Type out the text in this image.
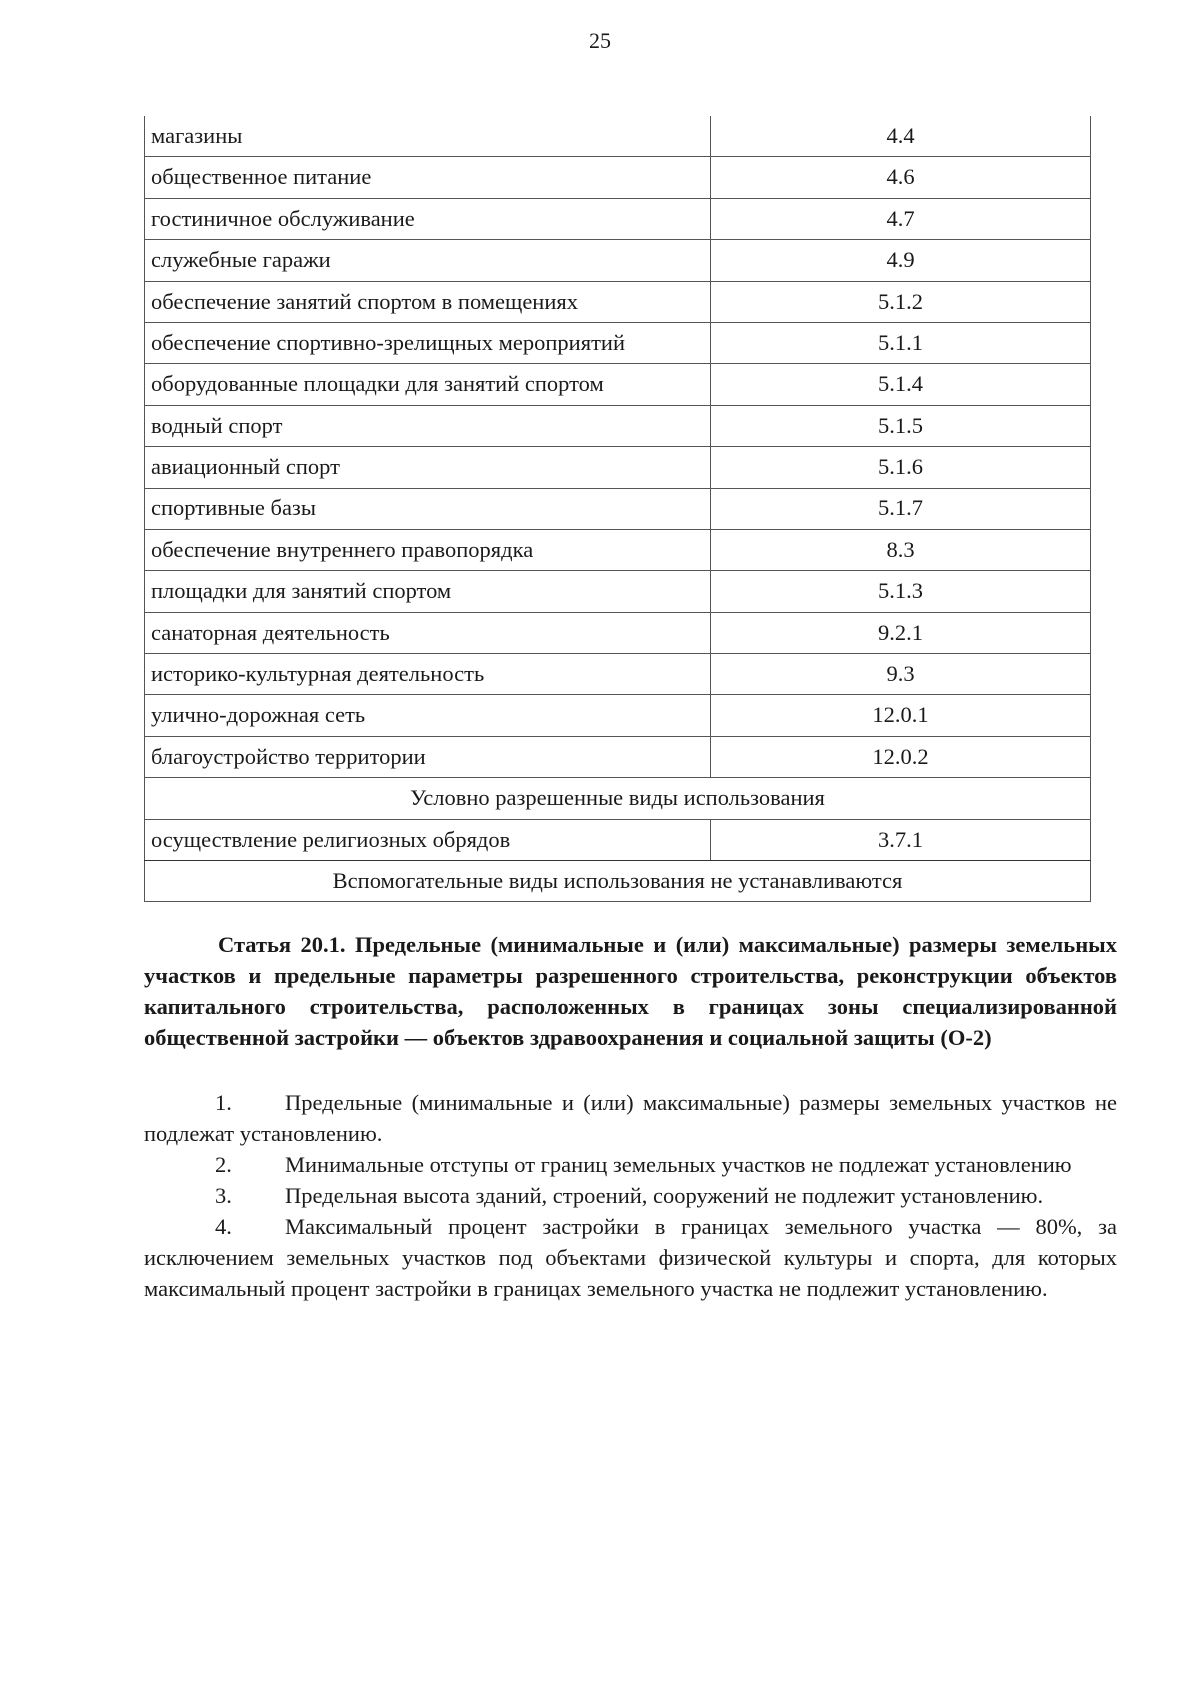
25
магазины	4.4
общественное питание	4.6
гостиничное обслуживание	4.7
служебные гаражи	4.9
обеспечение занятий спортом в помещениях	5.1.2
обеспечение спортивно-зрелищных мероприятий	5.1.1
оборудованные площадки для занятий спортом	5.1.4
водный спорт	5.1.5
авиационный спорт	5.1.6
спортивные базы	5.1.7
обеспечение внутреннего правопорядка	8.3
площадки для занятий спортом	5.1.3
санаторная деятельность	9.2.1
историко-культурная деятельность	9.3
улично-дорожная сеть	12.0.1
благоустройство территории	12.0.2
Условно разрешенные виды использования	
осуществление религиозных обрядов	3.7.1
Вспомогательные виды использования не устанавливаются	

Статья 20.1. Предельные (минимальные и (или) максимальные) размеры земельных участков и предельные параметры разрешенного строительства, реконструкции объектов капитального строительства, расположенных в границах зоны специализированной общественной застройки — объектов здравоохранения и социальной защиты (О-2)

1. Предельные (минимальные и (или) максимальные) размеры земельных участков не подлежат установлению.

2. Минимальные отступы от границ земельных участков не подлежат установлению

3. Предельная высота зданий, строений, сооружений не подлежит установлению.

4. Максимальный процент застройки в границах земельного участка — 80%, за исключением земельных участков под объектами физической культуры и спорта, для которых максимальный процент застройки в границах земельного участка не подлежит установлению.
